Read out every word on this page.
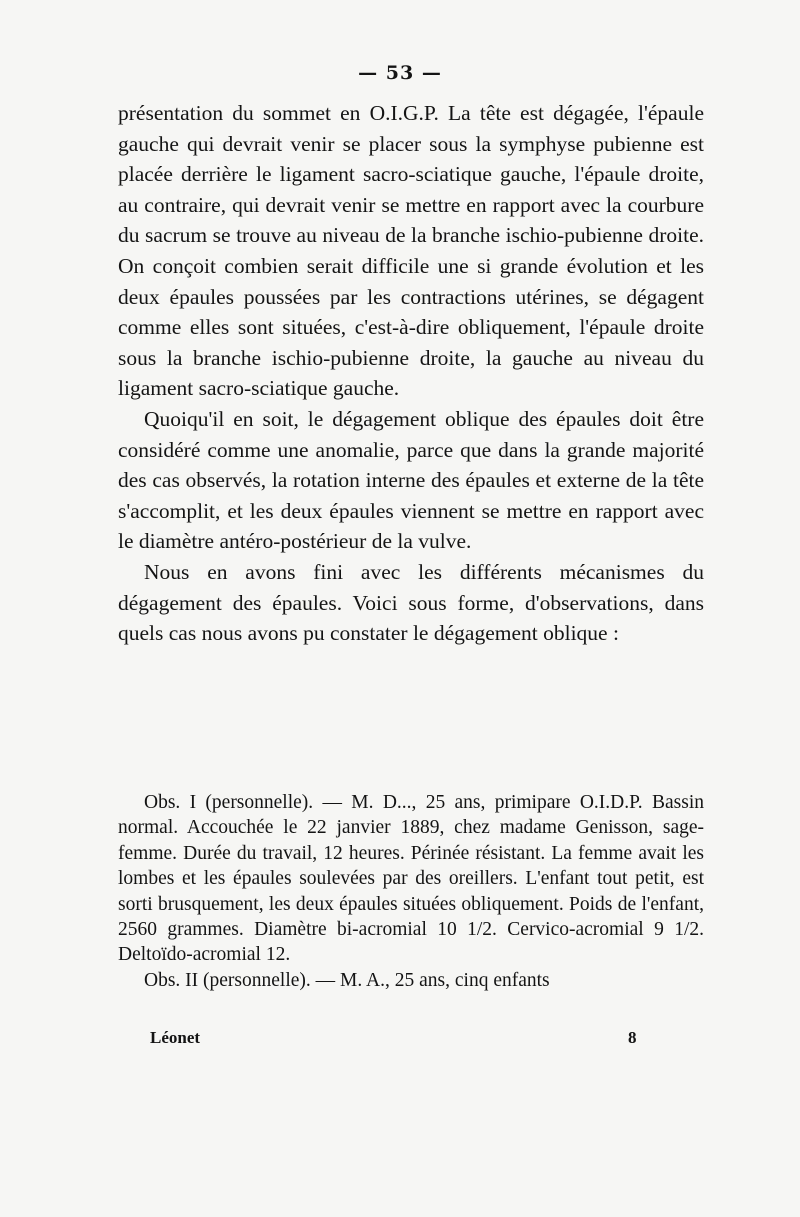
— 53 —

présentation du sommet en O.I.G.P. La tête est dégagée, l'épaule gauche qui devrait venir se placer sous la symphyse pubienne est placée derrière le ligament sacro-sciatique gauche, l'épaule droite, au contraire, qui devrait venir se mettre en rapport avec la courbure du sacrum se trouve au niveau de la branche ischio-pubienne droite. On conçoit combien serait difficile une si grande évolution et les deux épaules poussées par les contractions utérines, se dégagent comme elles sont situées, c'est-à-dire obliquement, l'épaule droite sous la branche ischio-pubienne droite, la gauche au niveau du ligament sacro-sciatique gauche.

Quoiqu'il en soit, le dégagement oblique des épaules doit être considéré comme une anomalie, parce que dans la grande majorité des cas observés, la rotation interne des épaules et externe de la tête s'accomplit, et les deux épaules viennent se mettre en rapport avec le diamètre antéro-postérieur de la vulve.

Nous en avons fini avec les différents mécanismes du dégagement des épaules. Voici sous forme, d'observations, dans quels cas nous avons pu constater le dégagement oblique :

Obs. I (personnelle). — M. D..., 25 ans, primipare O.I.D.P. Bassin normal. Accouchée le 22 janvier 1889, chez madame Genisson, sage-femme. Durée du travail, 12 heures. Périnée résistant. La femme avait les lombes et les épaules soulevées par des oreillers. L'enfant tout petit, est sorti brusquement, les deux épaules situées obliquement. Poids de l'enfant, 2560 grammes. Diamètre bi-acromial 10 1/2. Cervico-acromial 9 1/2. Deltoïdo-acromial 12.

Obs. II (personnelle). — M. A., 25 ans, cinq enfants

Léonet	8
